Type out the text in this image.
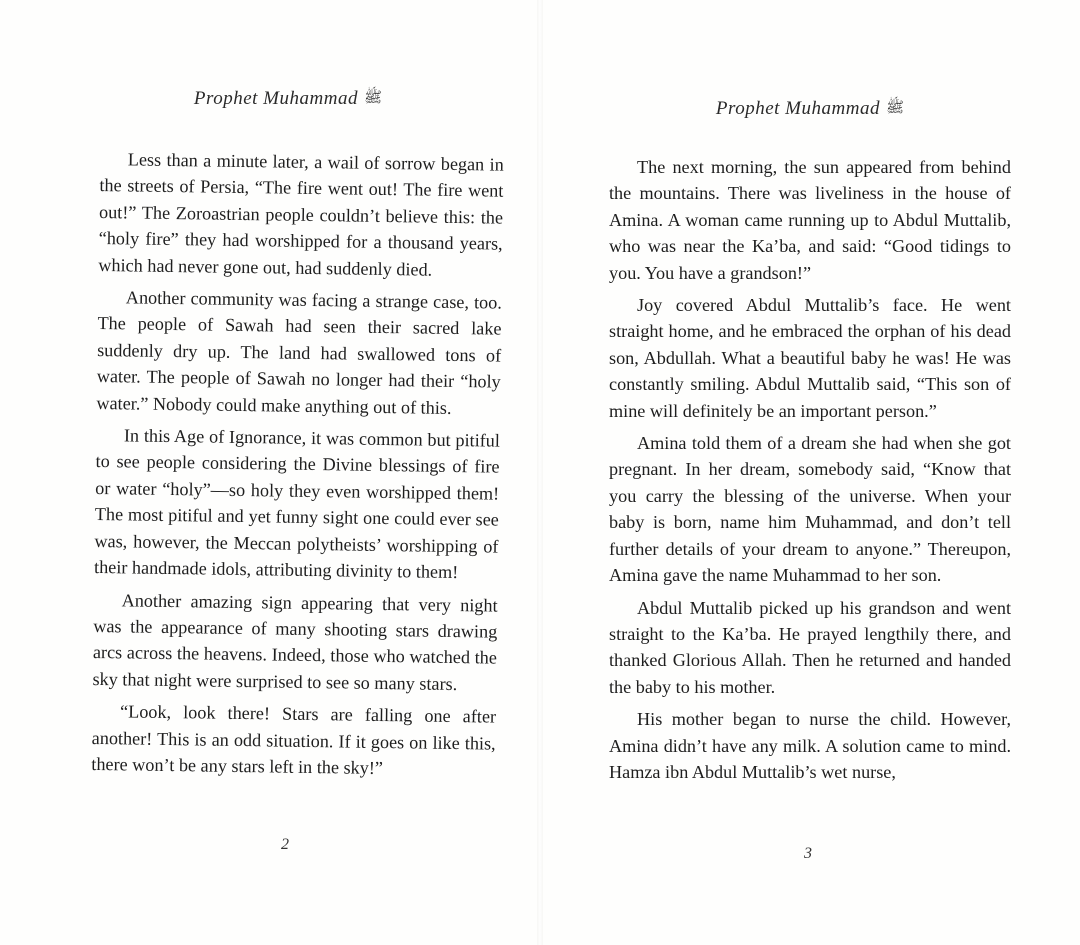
Prophet Muhammad ﷺ

Less than a minute later, a wail of sorrow began in the streets of Persia, “The fire went out! The fire went out!” The Zoroastrian people couldn’t believe this: the “holy fire” they had worshipped for a thousand years, which had never gone out, had suddenly died.

Another community was facing a strange case, too. The people of Sawah had seen their sacred lake suddenly dry up. The land had swallowed tons of water. The people of Sawah no longer had their “holy water.” Nobody could make anything out of this.

In this Age of Ignorance, it was common but pitiful to see people considering the Divine blessings of fire or water “holy”—so holy they even worshipped them! The most pitiful and yet funny sight one could ever see was, however, the Meccan polytheists’ worshipping of their handmade idols, attributing divinity to them!

Another amazing sign appearing that very night was the appearance of many shooting stars drawing arcs across the heavens. Indeed, those who watched the sky that night were surprised to see so many stars.

“Look, look there! Stars are falling one after another! This is an odd situation. If it goes on like this, there won’t be any stars left in the sky!”

2
Prophet Muhammad ﷺ

The next morning, the sun appeared from behind the mountains. There was liveliness in the house of Amina. A woman came running up to Abdul Muttalib, who was near the Ka’ba, and said: “Good tidings to you. You have a grandson!”

Joy covered Abdul Muttalib’s face. He went straight home, and he embraced the orphan of his dead son, Abdullah. What a beautiful baby he was! He was constantly smiling. Abdul Muttalib said, “This son of mine will definitely be an important person.”

Amina told them of a dream she had when she got pregnant. In her dream, somebody said, “Know that you carry the blessing of the universe. When your baby is born, name him Muhammad, and don’t tell further details of your dream to anyone.” Thereupon, Amina gave the name Muhammad to her son.

Abdul Muttalib picked up his grandson and went straight to the Ka’ba. He prayed lengthily there, and thanked Glorious Allah. Then he returned and handed the baby to his mother.

His mother began to nurse the child. However, Amina didn’t have any milk. A solution came to mind. Hamza ibn Abdul Muttalib’s wet nurse,

3
